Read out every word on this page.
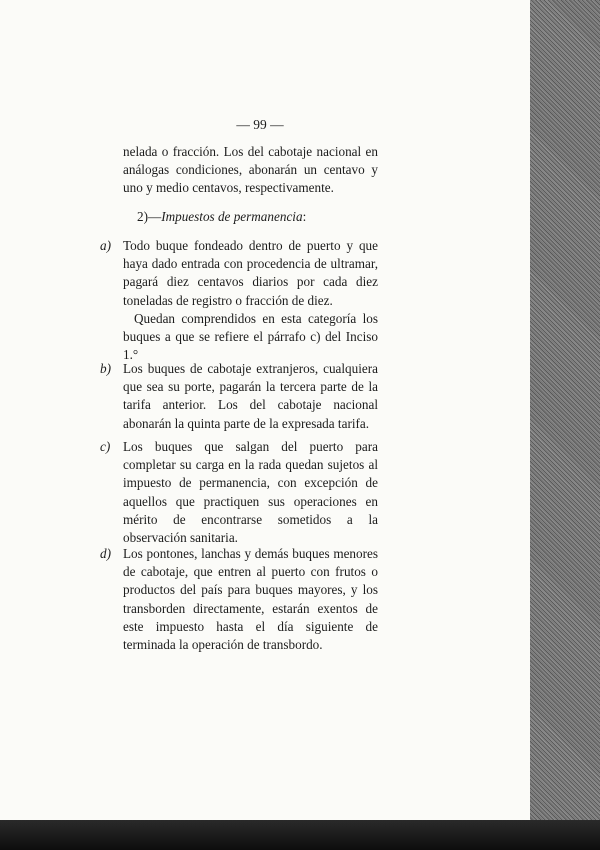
— 99 —

nelada o fracción. Los del cabotaje nacional en análogas condiciones, abonarán un centavo y uno y medio centavos, respectivamente.

2)—Impuestos de permanencia:
a) Todo buque fondeado dentro de puerto y que haya dado entrada con procedencia de ultramar, pagará diez centavos diarios por cada diez toneladas de registro o fracción de diez.

Quedan comprendidos en esta categoría los buques a que se refiere el párrafo c) del Inciso 1.°

b) Los buques de cabotaje extranjeros, cualquiera que sea su porte, pagarán la tercera parte de la tarifa anterior. Los del cabotaje nacional abonarán la quinta parte de la expresada tarifa.

c) Los buques que salgan del puerto para completar su carga en la rada quedan sujetos al impuesto de permanencia, con excepción de aquellos que practiquen sus operaciones en mérito de encontrarse sometidos a la observación sanitaria.

d) Los pontones, lanchas y demás buques menores de cabotaje, que entren al puerto con frutos o productos del país para buques mayores, y los transborden directamente, estarán exentos de este impuesto hasta el día siguiente de terminada la operación de transbordo.
